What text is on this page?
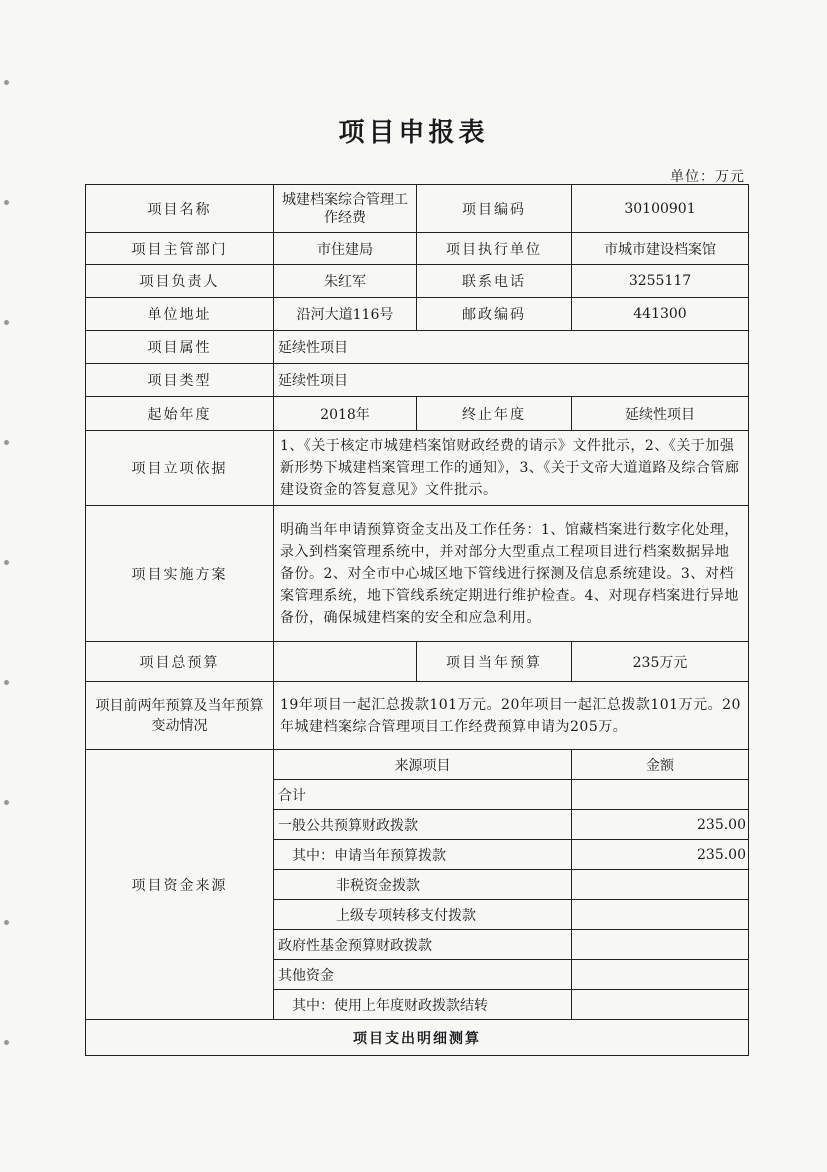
项目申报表
单位：万元
项目名称	城建档案综合管理工作经费	项目编码	30100901
项目主管部门	市住建局	项目执行单位	市城市建设档案馆
项目负责人	朱红军	联系电话	3255117
单位地址	沿河大道116号	邮政编码	441300
项目属性	延续性项目		
项目类型	延续性项目		
起始年度	2018年	终止年度	延续性项目
项目立项依据	1、《关于核定市城建档案馆财政经费的请示》文件批示，2、《关于加强新形势下城建档案管理工作的通知》，3、《关于文帝大道道路及综合管廊建设资金的答复意见》文件批示。		
项目实施方案	明确当年申请预算资金支出及工作任务：1、馆藏档案进行数字化处理，录入到档案管理系统中，并对部分大型重点工程项目进行档案数据异地备份。2、对全市中心城区地下管线进行探测及信息系统建设。3、对档案管理系统，地下管线系统定期进行维护检查。4、对现存档案进行异地备份，确保城建档案的安全和应急利用。		
项目总预算		项目当年预算	235万元
项目前两年预算及当年预算变动情况	19年项目一起汇总拨款101万元。20年项目一起汇总拨款101万元。20年城建档案综合管理项目工作经费预算申请为205万。		
项目资金来源	来源项目		金额
	合计		
	一般公共预算财政拨款		235.00
	其中：申请当年预算拨款		235.00
	非税资金拨款		
	上级专项转移支付拨款		
	政府性基金预算财政拨款		
	其他资金		
	其中：使用上年度财政拨款结转		
项目支出明细测算			
